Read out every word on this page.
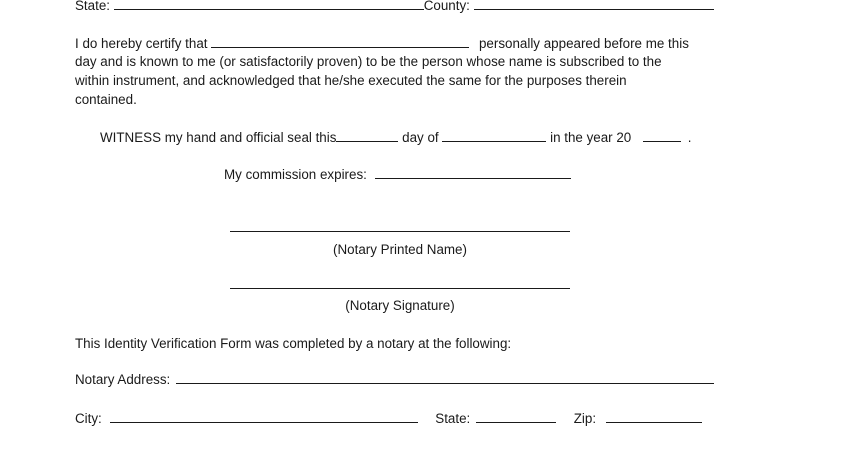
State:	County:
I do hereby certify that	personally appeared before me this
day and is known to me (or satisfactorily proven) to be the person whose name is subscribed to the
within instrument, and acknowledged that he/she executed the same for the purposes therein
contained.
WITNESS my hand and official seal this	day of	in the year 20	.
My commission expires:
(Notary Printed Name)
(Notary Signature)
This Identity Verification Form was completed by a notary at the following:
Notary Address:
City:	State:	Zip:
